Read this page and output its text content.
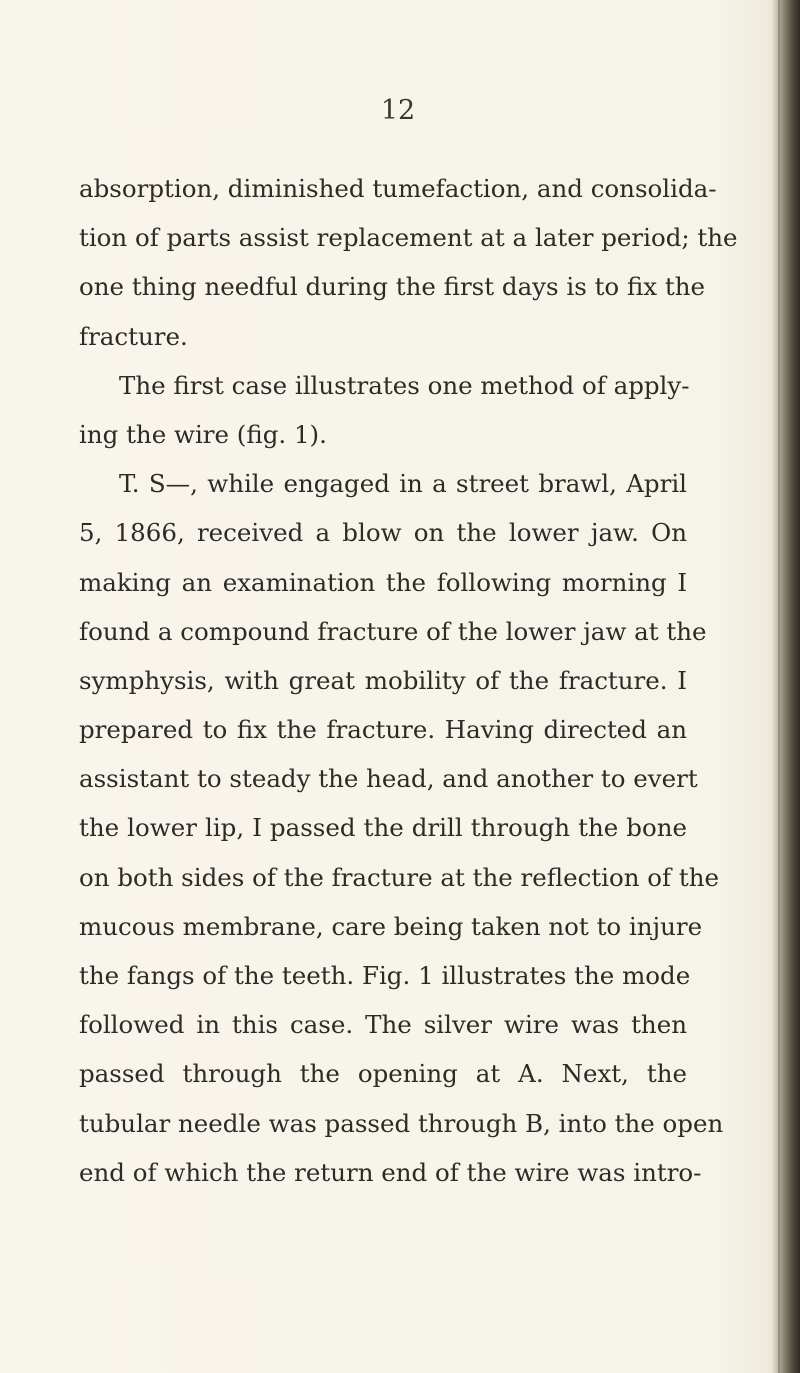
12
absorption, diminished tumefaction, and consolida-
tion of parts assist replacement at a later period; the
one thing needful during the first days is to fix the
fracture.
The first case illustrates one method of apply-
ing the wire (fig. 1).
T. S—, while engaged in a street brawl, April
5, 1866, received a blow on the lower jaw. On
making an examination the following morning I
found a compound fracture of the lower jaw at the
symphysis, with great mobility of the fracture. I
prepared to fix the fracture. Having directed an
assistant to steady the head, and another to evert
the lower lip, I passed the drill through the bone
on both sides of the fracture at the reflection of the
mucous membrane, care being taken not to injure
the fangs of the teeth. Fig. 1 illustrates the mode
followed in this case. The silver wire was then
passed through the opening at A. Next, the
tubular needle was passed through B, into the open
end of which the return end of the wire was intro-
